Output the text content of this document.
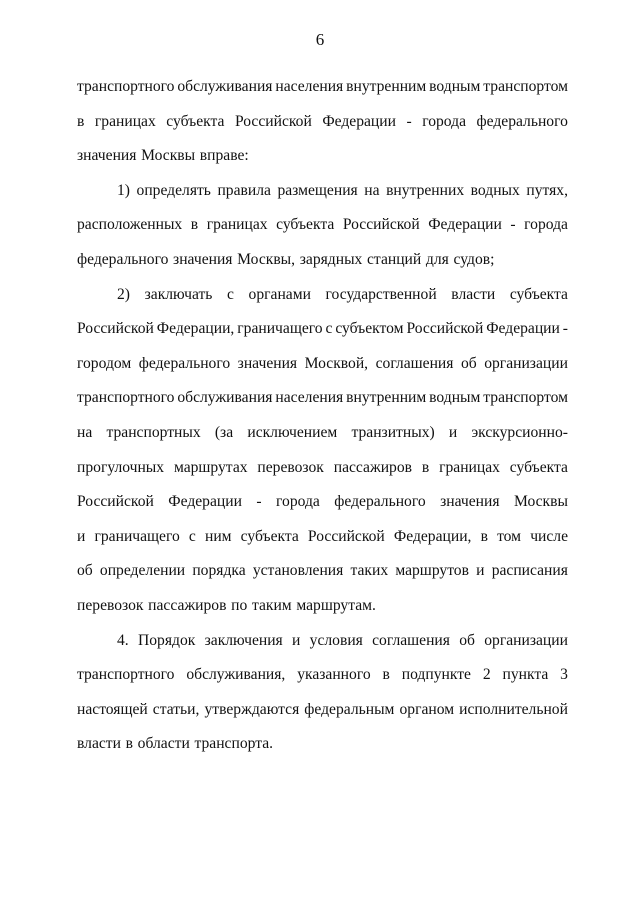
6
транспортного обслуживания населения внутренним водным транспортом
в границах субъекта Российской Федерации - города федерального
значения Москвы вправе:
1) определять правила размещения на внутренних водных путях,
расположенных в границах субъекта Российской Федерации - города
федерального значения Москвы, зарядных станций для судов;
2) заключать с органами государственной власти субъекта
Российской Федерации, граничащего с субъектом Российской Федерации -
городом федерального значения Москвой, соглашения об организации
транспортного обслуживания населения внутренним водным транспортом
на транспортных (за исключением транзитных) и экскурсионно-
прогулочных маршрутах перевозок пассажиров в границах субъекта
Российской Федерации - города федерального значения Москвы
и граничащего с ним субъекта Российской Федерации, в том числе
об определении порядка установления таких маршрутов и расписания
перевозок пассажиров по таким маршрутам.
4. Порядок заключения и условия соглашения об организации
транспортного обслуживания, указанного в подпункте 2 пункта 3
настоящей статьи, утверждаются федеральным органом исполнительной
власти в области транспорта.
